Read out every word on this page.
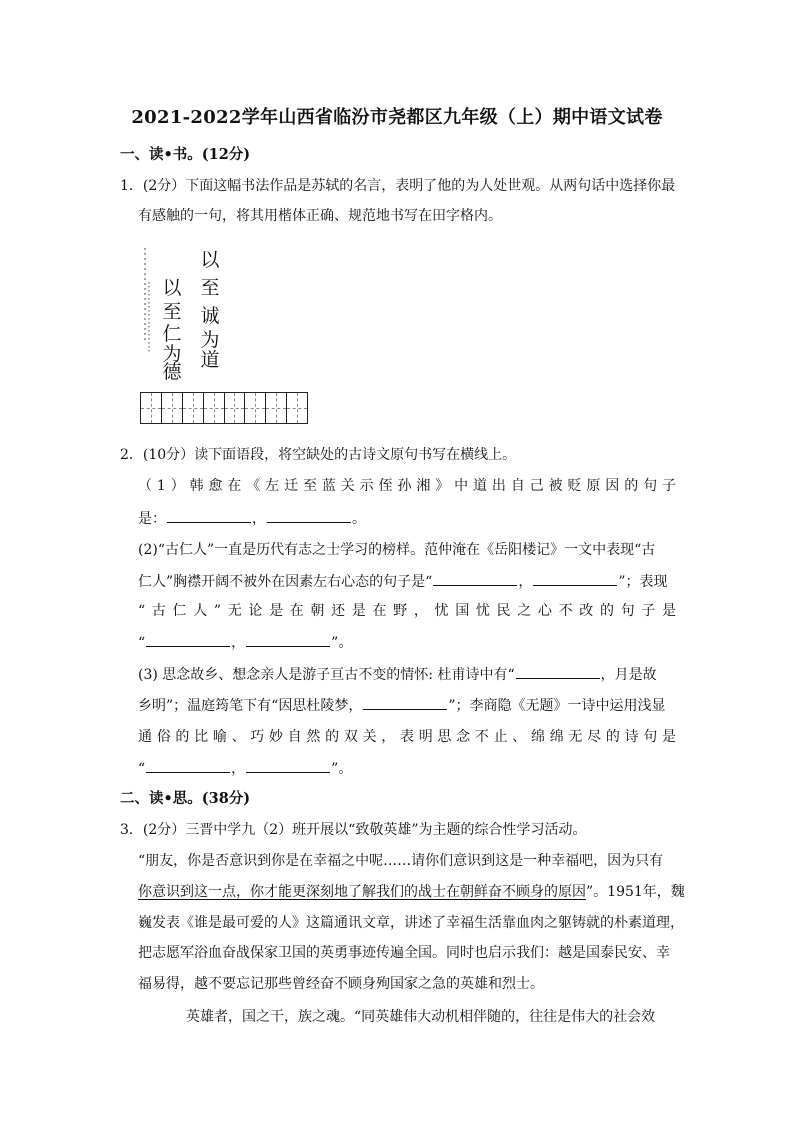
2021-2022学年山西省临汾市尧都区九年级（上）期中语文试卷
一、读•书。(12分)
1．(2分）下面这幅书法作品是苏轼的名言，表明了他的为人处世观。从两句话中选择你最
有感触的一句，将其用楷体正确、规范地书写在田字格内。
以
至
诚
为
道
以
至
仁
为
德
2．(10分）读下面语段，将空缺处的古诗文原句书写在横线上。
（1）韩愈在《左迁至蓝关示侄孙湘》中道出自己被贬原因的句子
是：	，	。
(2)“古仁人”一直是历代有志之士学习的榜样。范仲淹在《岳阳楼记》一文中表现“古
仁人”胸襟开阔不被外在因素左右心态的句子是“	，	”；表现
“古仁人”无论是在朝还是在野，忧国忧民之心不改的句子是
“	，	”。
(3) 思念故乡、想念亲人是游子亘古不变的情怀: 杜甫诗中有“	，月是故
乡明”；温庭筠笔下有“因思杜陵梦，	”；李商隐《无题》一诗中运用浅显
通俗的比喻、巧妙自然的双关，表明思念不止、绵绵无尽的诗句是
“	，	”。
二、读•思。(38分)
3．(2分）三晋中学九（2）班开展以“致敬英雄”为主题的综合性学习活动。
“朋友，你是否意识到你是在幸福之中呢……请你们意识到这是一种幸福吧，因为只有
你意识到这一点，你才能更深刻地了解我们的战士在朝鲜奋不顾身的原因”。1951年，魏
巍发表《谁是最可爱的人》这篇通讯文章，讲述了幸福生活靠血肉之躯铸就的朴素道理，
把志愿军浴血奋战保家卫国的英勇事迹传遍全国。同时也启示我们：越是国泰民安、幸
福易得，越不要忘记那些曾经奋不顾身殉国家之急的英雄和烈士。
英雄者，国之干，族之魂。“同英雄伟大动机相伴随的，往往是伟大的社会效
